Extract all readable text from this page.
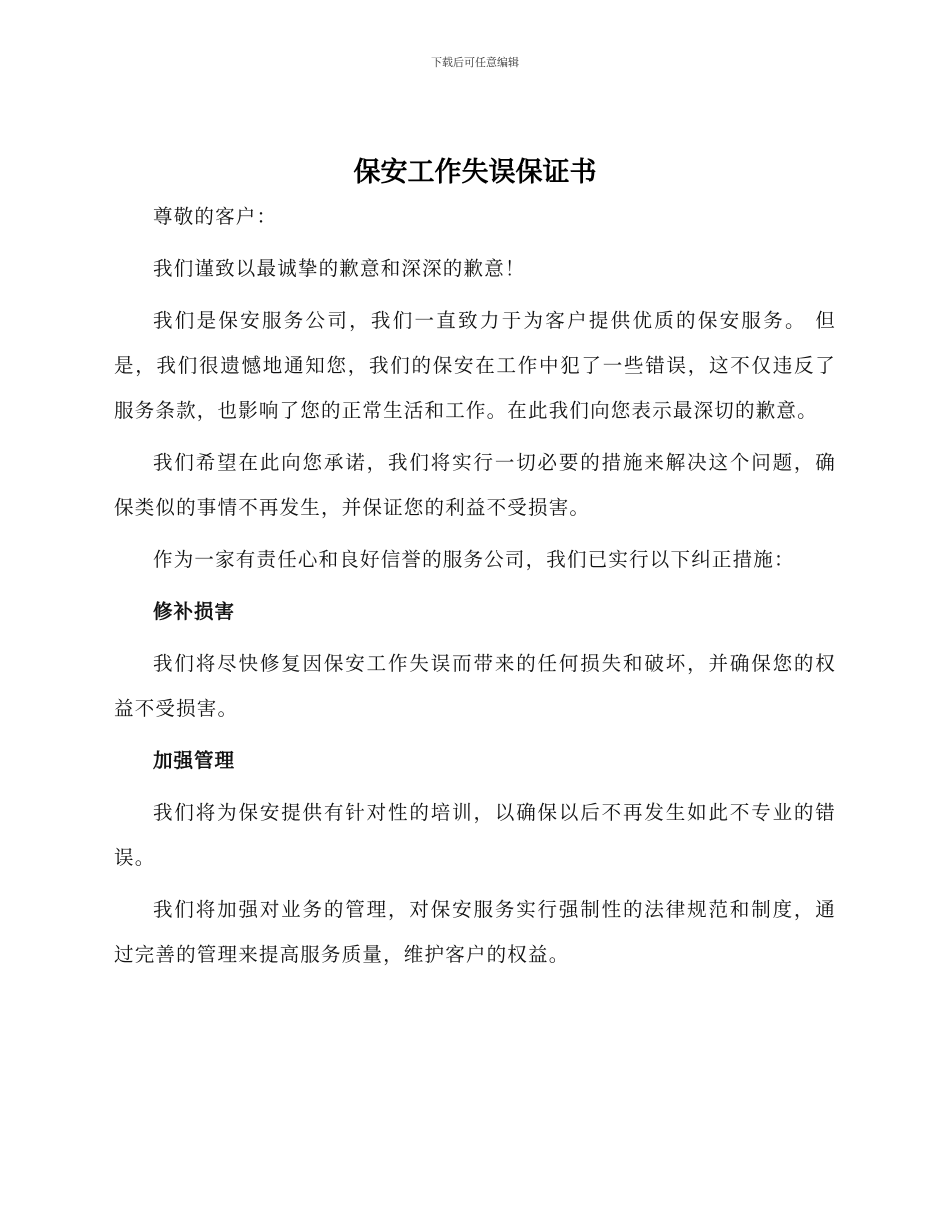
下载后可任意编辑
保安工作失误保证书

尊敬的客户：

我们谨致以最诚挚的歉意和深深的歉意！

我们是保安服务公司，我们一直致力于为客户提供优质的保安服务。 但是，我们很遗憾地通知您，我们的保安在工作中犯了一些错误，这不仅违反了服务条款，也影响了您的正常生活和工作。在此我们向您表示最深切的歉意。

我们希望在此向您承诺，我们将实行一切必要的措施来解决这个问题，确保类似的事情不再发生，并保证您的利益不受损害。

作为一家有责任心和良好信誉的服务公司，我们已实行以下纠正措施：

修补损害

我们将尽快修复因保安工作失误而带来的任何损失和破坏，并确保您的权益不受损害。

加强管理

我们将为保安提供有针对性的培训，以确保以后不再发生如此不专业的错误。

我们将加强对业务的管理，对保安服务实行强制性的法律规范和制度，通过完善的管理来提高服务质量，维护客户的权益。
